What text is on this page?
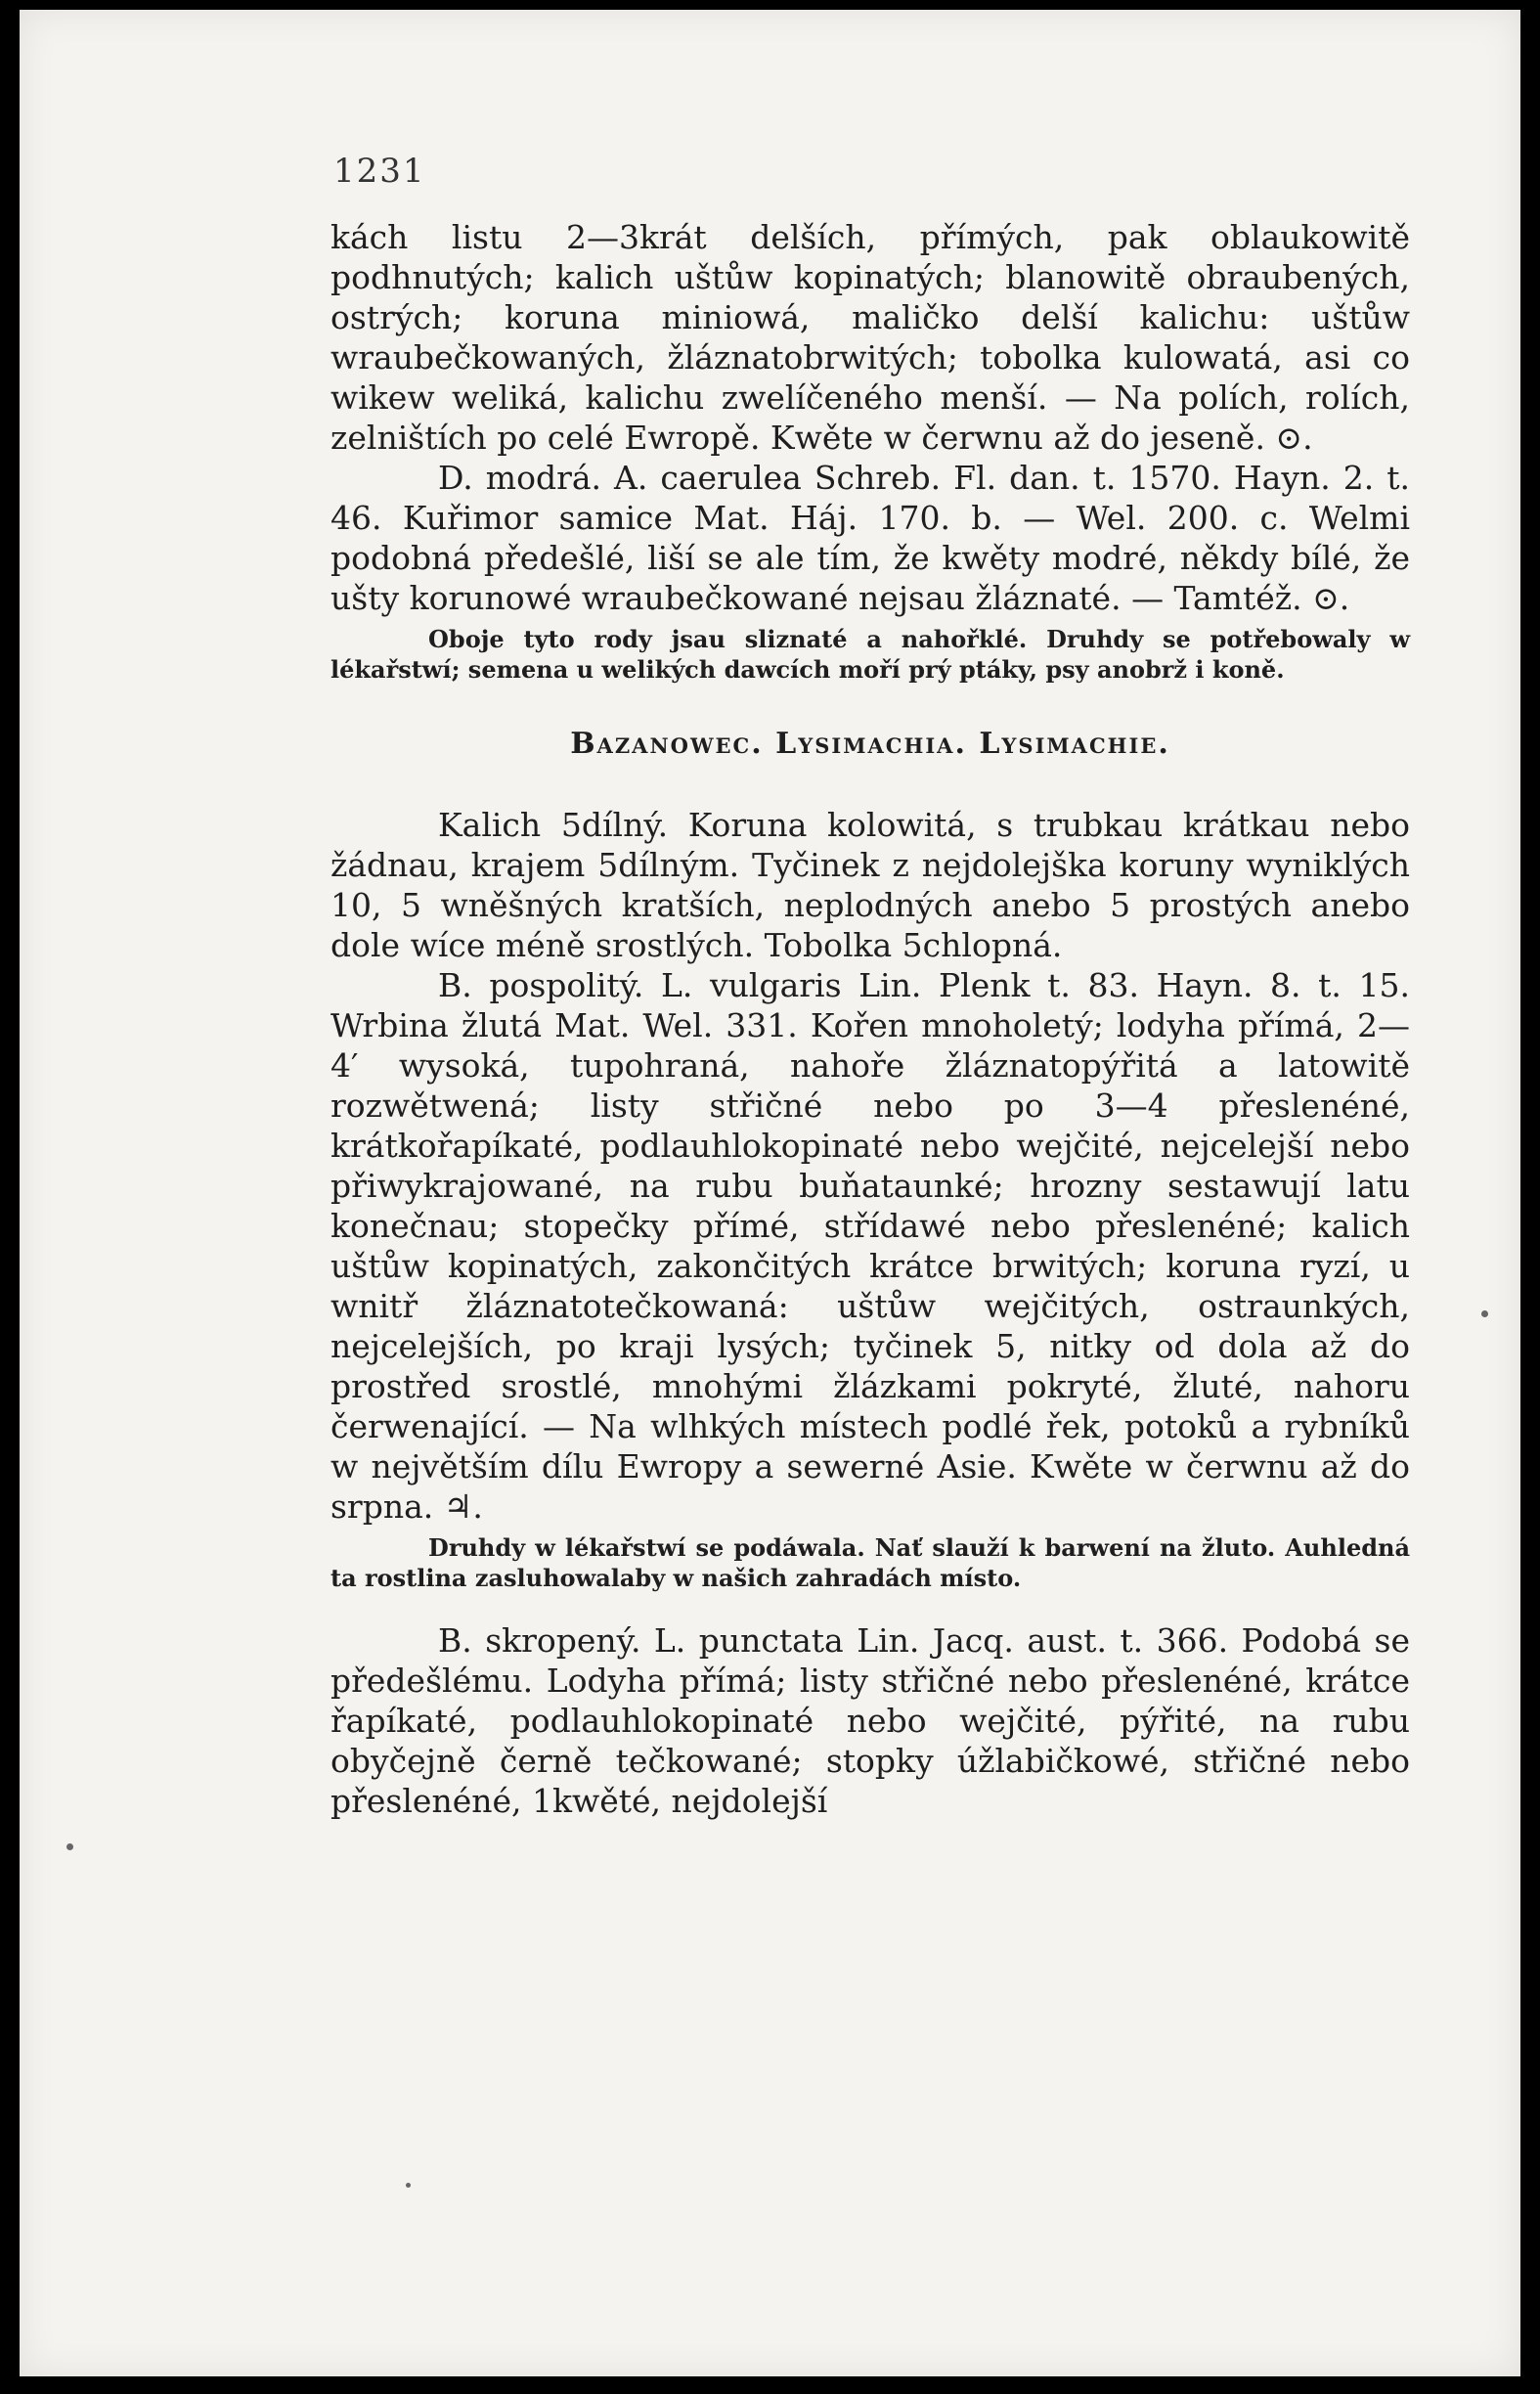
1231

kách listu 2—3krát delších, přímých, pak oblaukowitě podhnutých; kalich uštůw kopinatých; blanowitě obraubených, ostrých; koruna miniowá, maličko delší kalichu: uštůw wraubečkowaných, žláznatobrwitých; tobolka kulowatá, asi co wikew weliká, kalichu zwelíčeného menší. — Na polích, rolích, zelništích po celé Ewropě. Kwěte w čerwnu až do jeseně. ⊙.

D. modrá. A. caerulea Schreb. Fl. dan. t. 1570. Hayn. 2. t. 46. Kuřimor samice Mat. Háj. 170. b. — Wel. 200. c. Welmi podobná předešlé, liší se ale tím, že kwěty modré, někdy bílé, že ušty korunowé wraubečkowané nejsau žláznaté. — Tamtéž. ⊙.

Oboje tyto rody jsau sliznaté a nahořklé. Druhdy se potřebowaly w lékařstwí; semena u welikých dawcích moří prý ptáky, psy anobrž i koně.

Bazanowec. Lysimachia. Lysimachie.

Kalich 5dílný. Koruna kolowitá, s trubkau krátkau nebo žádnau, krajem 5dílným. Tyčinek z nejdolejška koruny wyniklých 10, 5 wněšných kratších, neplodných anebo 5 prostých anebo dole wíce méně srostlých. Tobolka 5chlopná.

B. pospolitý. L. vulgaris Lin. Plenk t. 83. Hayn. 8. t. 15. Wrbina žlutá Mat. Wel. 331. Kořen mnoholetý; lodyha přímá, 2—4′ wysoká, tupohraná, nahoře žláznatopýřitá a latowitě rozwětwená; listy střičné nebo po 3—4 přeslenéné, krátkořapíkaté, podlauhlokopinaté nebo wejčité, nejcelejší nebo přiwykrajowané, na rubu buňataunké; hrozny sestawují latu konečnau; stopečky přímé, střídawé nebo přeslenéné; kalich uštůw kopinatých, zakončitých krátce brwitých; koruna ryzí, u wnitř žláznatotečkowaná: uštůw wejčitých, ostraunkých, nejcelejších, po kraji lysých; tyčinek 5, nitky od dola až do prostřed srostlé, mnohými žlázkami pokryté, žluté, nahoru čerwenající. — Na wlhkých místech podlé řek, potoků a rybníků w největším dílu Ewropy a sewerné Asie. Kwěte w čerwnu až do srpna. ♃.

Druhdy w lékařstwí se podáwala. Nať slauží k barwení na žluto. Auhledná ta rostlina zasluhowalaby w našich zahradách místo.

B. skropený. L. punctata Lin. Jacq. aust. t. 366. Podobá se předešlému. Lodyha přímá; listy střičné nebo přeslenéné, krátce řapíkaté, podlauhlokopinaté nebo wejčité, pýřité, na rubu obyčejně černě tečkowané; stopky úžlabičkowé, střičné nebo přeslenéné, 1kwěté, nejdolejší
